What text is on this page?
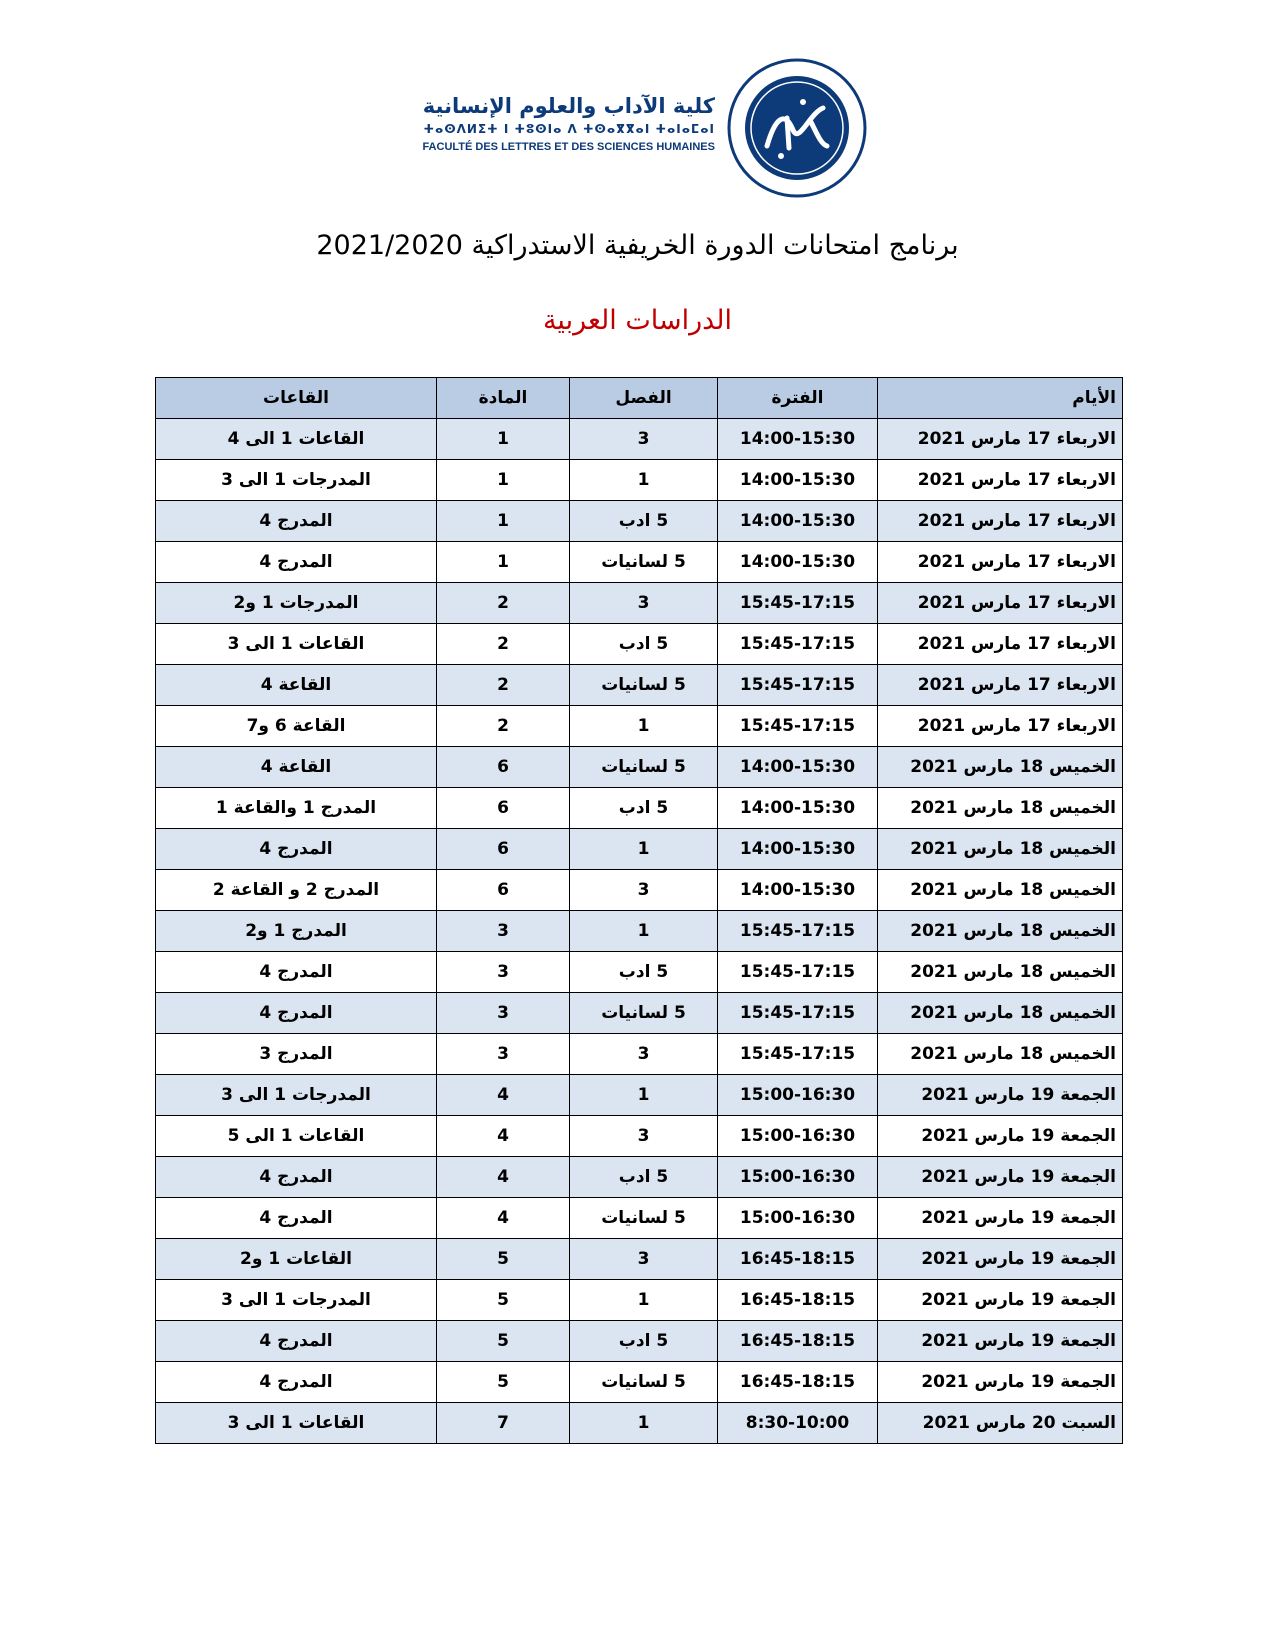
كلية الآداب والعلوم الإنسانية
ⵜⴰⵙⴷⵍⵉⵜ ⵏ ⵜⵓⵙⵏⴰ ⴷ ⵜⵙⴰⴳⴳⴰⵏ ⵜⴰⵏⴰⵎⴰⵏ
FACULTÉ DES LETTRES ET DES SCIENCES HUMAINES
برنامج امتحانات الدورة الخريفية الاستدراكية 2021/2020
الدراسات العربية
الأيام	الفترة	الفصل	المادة	القاعات
الاربعاء 17 مارس 2021	14:00-15:30	3	1	القاعات 1 الى 4
الاربعاء 17 مارس 2021	14:00-15:30	1	1	المدرجات 1 الى 3
الاربعاء 17 مارس 2021	14:00-15:30	5 ادب	1	المدرج 4
الاربعاء 17 مارس 2021	14:00-15:30	5 لسانيات	1	المدرج 4
الاربعاء 17 مارس 2021	15:45-17:15	3	2	المدرجات 1 و2
الاربعاء 17 مارس 2021	15:45-17:15	5 ادب	2	القاعات 1 الى 3
الاربعاء 17 مارس 2021	15:45-17:15	5 لسانيات	2	القاعة 4
الاربعاء 17 مارس 2021	15:45-17:15	1	2	القاعة 6 و7
الخميس 18 مارس 2021	14:00-15:30	5 لسانيات	6	القاعة 4
الخميس 18 مارس 2021	14:00-15:30	5 ادب	6	المدرج 1 والقاعة 1
الخميس 18 مارس 2021	14:00-15:30	1	6	المدرج 4
الخميس 18 مارس 2021	14:00-15:30	3	6	المدرج 2 و القاعة 2
الخميس 18 مارس 2021	15:45-17:15	1	3	المدرج 1 و2
الخميس 18 مارس 2021	15:45-17:15	5 ادب	3	المدرج 4
الخميس 18 مارس 2021	15:45-17:15	5 لسانيات	3	المدرج 4
الخميس 18 مارس 2021	15:45-17:15	3	3	المدرج 3
الجمعة 19 مارس 2021	15:00-16:30	1	4	المدرجات 1 الى 3
الجمعة 19 مارس 2021	15:00-16:30	3	4	القاعات 1 الى 5
الجمعة 19 مارس 2021	15:00-16:30	5 ادب	4	المدرج 4
الجمعة 19 مارس 2021	15:00-16:30	5 لسانيات	4	المدرج 4
الجمعة 19 مارس 2021	16:45-18:15	3	5	القاعات 1 و2
الجمعة 19 مارس 2021	16:45-18:15	1	5	المدرجات 1 الى 3
الجمعة 19 مارس 2021	16:45-18:15	5 ادب	5	المدرج 4
الجمعة 19 مارس 2021	16:45-18:15	5 لسانيات	5	المدرج 4
السبت 20 مارس 2021	8:30-10:00	1	7	القاعات 1 الى 3
